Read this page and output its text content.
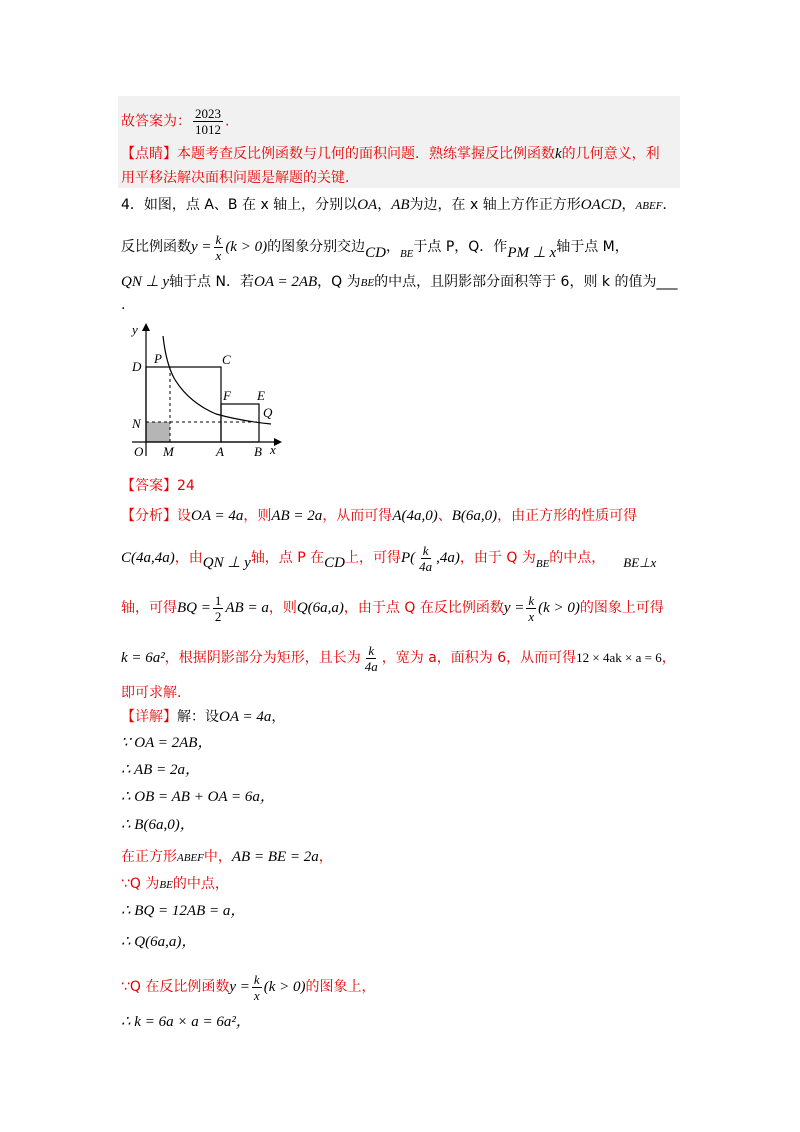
故答案为： $\frac{2023}{1012}$ .
【点睛】本题考查反比例函数与几何的面积问题．熟练掌握反比例函数k的几何意义，利
用平移法解决面积问题是解题的关键．
4．如图，点 A、B 在 x 轴上，分别以OA，AB为边，在 x 轴上方作正方形OACD，ABEF．
反比例函数$y = \frac{k}{x} (k > 0)$的图象分别交边CD，$_{BE}$于点 P，Q．作PM ⊥ x轴于点 M，
QN ⊥ y轴于点 N．若OA = 2AB，Q 为BE的中点，且阴影部分面积等于 6，则 k 的值为___
.
y
D
P	C
F E
N
Q
O M	A B x
【答案】24
【分析】设OA = 4a，则AB = 2a，从而可得A(4a,0)、B(6a,0)，由正方形的性质可得
C(4a,4a)，由QN ⊥ y轴，点 P 在CD上，可得$P( \frac{k}{4a} ,4a)$，由于 Q 为$_{BE}$的中点， BE⊥x
轴，可得BQ = $\frac{1}{2}$ AB = a，则Q(6a,a)，由于点 Q 在反比例函数$y = \frac{k}{x} (k > 0)$的图象上可得
k = 6a²，根据阴影部分为矩形，且长为 $\frac{k}{4a}$ ，宽为 a，面积为 6，从而可得12 × 4ak × a = 6，
即可求解．
【详解】解：设OA = 4a，
∵ OA = 2AB，
∴ AB = 2a，
∴ OB = AB + OA = 6a，
∴ B(6a,0)，
在正方形ABEF中，AB = BE = 2a，
∵Q 为BE的中点，
∴ BQ = 12AB = a，
∴ Q(6a,a)，
∵Q 在反比例函数$y = \frac{k}{x} (k > 0)$的图象上，
∴ k = 6a × a = 6a²，
